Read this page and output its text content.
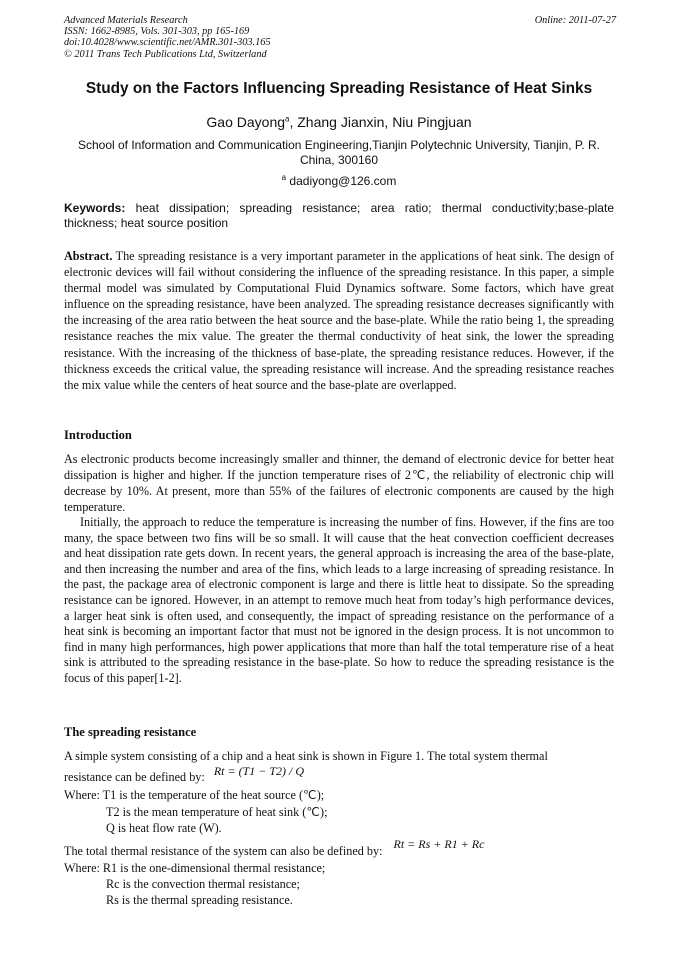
Advanced Materials Research
ISSN: 1662-8985, Vols. 301-303, pp 165-169
doi:10.4028/www.scientific.net/AMR.301-303.165
© 2011 Trans Tech Publications Ltd, Switzerland
Online: 2011-07-27
Study on the Factors Influencing Spreading Resistance of Heat Sinks
Gao Dayong$^a$, Zhang Jianxin, Niu Pingjuan
School of Information and Communication Engineering,Tianjin Polytechnic University, Tianjin, P. R. China, 300160
$^a$ dadiyong@126.com
Keywords: heat dissipation; spreading resistance; area ratio; thermal conductivity;base-plate thickness; heat source position

Abstract. The spreading resistance is a very important parameter in the applications of heat sink. The design of electronic devices will fail without considering the influence of the spreading resistance. In this paper, a simple thermal model was simulated by Computational Fluid Dynamics software. Some factors, which have great influence on the spreading resistance, have been analyzed. The spreading resistance decreases significantly with the increasing of the area ratio between the heat source and the base-plate. While the ratio being 1, the spreading resistance reaches the mix value. The greater the thermal conductivity of heat sink, the lower the spreading resistance. With the increasing of the thickness of base-plate, the spreading resistance reduces. However, if the thickness exceeds the critical value, the spreading resistance will increase. And the spreading resistance reaches the mix value while the centers of heat source and the base-plate are overlapped.

Introduction

As electronic products become increasingly smaller and thinner, the demand of electronic device for better heat dissipation is higher and higher. If the junction temperature rises of 2℃, the reliability of electronic chip will decrease by 10%. At present, more than 55% of the failures of electronic components are caused by the high temperature.

Initially, the approach to reduce the temperature is increasing the number of fins. However, if the fins are too many, the space between two fins will be so small. It will cause that the heat convection coefficient decreases and heat dissipation rate gets down. In recent years, the general approach is increasing the area of the base-plate, and then increasing the number and area of the fins, which leads to a large increasing of spreading resistance. In the past, the package area of electronic component is large and there is little heat to dissipate. So the spreading resistance can be ignored. However, in an attempt to remove much heat from today’s high performance devices, a larger heat sink is often used, and consequently, the impact of spreading resistance on the performance of a heat sink is becoming an important factor that must not be ignored in the design process. It is not uncommon to find in many high performances, high power applications that more than half the total temperature rise of a heat sink is attributed to the spreading resistance in the base-plate. So how to reduce the spreading resistance is the focus of this paper[1-2].

The spreading resistance
A simple system consisting of a chip and a heat sink is shown in Figure 1. The total system thermal
resistance can be defined by: Rt = (T1 − T2) / Q
Where: T1 is the temperature of the heat source (℃);
T2 is the mean temperature of heat sink (℃);
Q is heat flow rate (W).
The total thermal resistance of the system can also be defined by: Rt = Rs + R1 + Rc
Where: R1 is the one-dimensional thermal resistance;
Rc is the convection thermal resistance;
Rs is the thermal spreading resistance.
